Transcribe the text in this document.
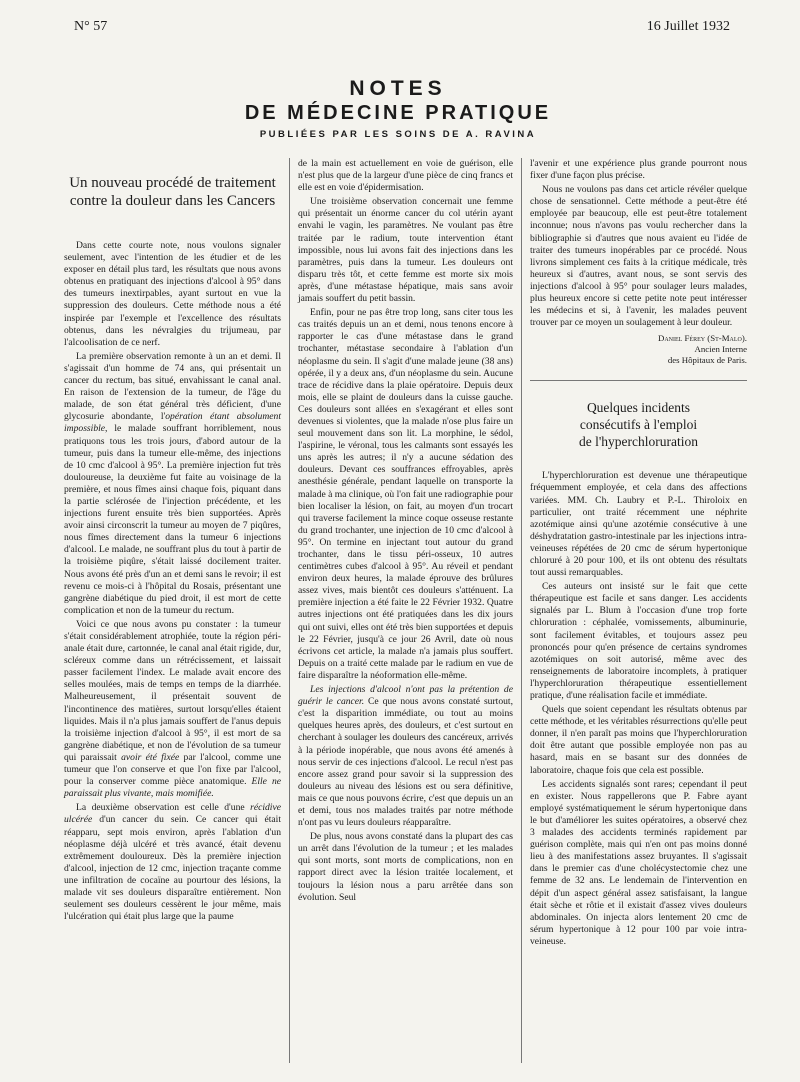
N° 57	16 Juillet 1932
NOTES
DE MÉDECINE PRATIQUE
PUBLIÉES PAR LES SOINS DE A. RAVINA
Un nouveau procédé de traitement
contre la douleur dans les Cancers

Dans cette courte note, nous voulons signaler seulement, avec l'intention de les étudier et de les exposer en détail plus tard, les résultats que nous avons obtenus en pratiquant des injections d'alcool à 95° dans des tumeurs inextirpables, ayant surtout en vue la suppression des douleurs. Cette méthode nous a été inspirée par l'exemple et l'excellence des résultats obtenus, dans les névralgies du trijumeau, par l'alcoolisation de ce nerf.

La première observation remonte à un an et demi. Il s'agissait d'un homme de 74 ans, qui présentait un cancer du rectum, bas situé, envahissant le canal anal. En raison de l'extension de la tumeur, de l'âge du malade, de son état général très déficient, d'une glycosurie abondante, l'opération étant absolument impossible, le malade souffrant horriblement, nous pratiquons tous les trois jours, d'abord autour de la tumeur, puis dans la tumeur elle-même, des injections de 10 cmc d'alcool à 95°. La première injection fut très douloureuse, la deuxième fut faite au voisinage de la première, et nous fîmes ainsi chaque fois, piquant dans la partie sclérosée de l'injection précédente, et les injections furent ensuite très bien supportées. Après avoir ainsi circonscrit la tumeur au moyen de 7 piqûres, nous fîmes directement dans la tumeur 6 injections d'alcool. Le malade, ne souffrant plus du tout à partir de la troisième piqûre, s'était laissé docilement traiter. Nous avons été près d'un an et demi sans le revoir; il est revenu ce mois-ci à l'hôpital du Rosais, présentant une gangrène diabétique du pied droit, il est mort de cette complication et non de la tumeur du rectum.

Voici ce que nous avons pu constater : la tumeur s'était considérablement atrophiée, toute la région péri-anale était dure, cartonnée, le canal anal était rigide, dur, scléreux comme dans un rétrécissement, et laissait passer facilement l'index. Le malade avait encore des selles moulées, mais de temps en temps de la diarrhée. Malheureusement, il présentait souvent de l'incontinence des matières, surtout lorsqu'elles étaient liquides. Mais il n'a plus jamais souffert de l'anus depuis la troisième injection d'alcool à 95°, il est mort de sa gangrène diabétique, et non de l'évolution de sa tumeur qui paraissait avoir été fixée par l'alcool, comme une tumeur que l'on conserve et que l'on fixe par l'alcool, pour la conserver comme pièce anatomique. Elle ne paraissait plus vivante, mais momifiée.

La deuxième observation est celle d'une récidive ulcérée d'un cancer du sein. Ce cancer qui était réapparu, sept mois environ, après l'ablation d'un néoplasme déjà ulcéré et très avancé, était devenu extrêmement douloureux. Dès la première injection d'alcool, injection de 12 cmc, injection traçante comme une infiltration de cocaïne au pourtour des lésions, la malade vit ses douleurs disparaître entièrement. Non seulement ses douleurs cessèrent le jour même, mais l'ulcération qui était plus large que la paume

de la main est actuellement en voie de guérison, elle n'est plus que de la largeur d'une pièce de cinq francs et elle est en voie d'épidermisation.

Une troisième observation concernait une femme qui présentait un énorme cancer du col utérin ayant envahi le vagin, les paramètres. Ne voulant pas être traitée par le radium, toute intervention étant impossible, nous lui avons fait des injections dans les paramètres, puis dans la tumeur. Les douleurs ont disparu très tôt, et cette femme est morte six mois après, d'une métastase hépatique, mais sans avoir jamais souffert du petit bassin.

Enfin, pour ne pas être trop long, sans citer tous les cas traités depuis un an et demi, nous tenons encore à rapporter le cas d'une métastase dans le grand trochanter, métastase secondaire à l'ablation d'un néoplasme du sein. Il s'agit d'une malade jeune (38 ans) opérée, il y a deux ans, d'un néoplasme du sein. Aucune trace de récidive dans la plaie opératoire. Depuis deux mois, elle se plaint de douleurs dans la cuisse gauche. Ces douleurs sont allées en s'exagérant et elles sont devenues si violentes, que la malade n'ose plus faire un seul mouvement dans son lit. La morphine, le sédol, l'aspirine, le véronal, tous les calmants sont essayés les uns après les autres; il n'y a aucune sédation des douleurs. Devant ces souffrances effroyables, après anesthésie générale, pendant laquelle on transporte la malade à ma clinique, où l'on fait une radiographie pour bien localiser la lésion, on fait, au moyen d'un trocart qui traverse facilement la mince coque osseuse restante du grand trochanter, une injection de 10 cmc d'alcool à 95°. On termine en injectant tout autour du grand trochanter, dans le tissu péri-osseux, 10 autres centimètres cubes d'alcool à 95°. Au réveil et pendant environ deux heures, la malade éprouve des brûlures assez vives, mais bientôt ces douleurs s'atténuent. La première injection a été faite le 22 Février 1932. Quatre autres injections ont été pratiquées dans les dix jours qui ont suivi, elles ont été très bien supportées et depuis le 22 Février, jusqu'à ce jour 26 Avril, date où nous écrivons cet article, la malade n'a jamais plus souffert. Depuis on a traité cette malade par le radium en vue de faire disparaître la néoformation elle-même.

Les injections d'alcool n'ont pas la prétention de guérir le cancer. Ce que nous avons constaté surtout, c'est la disparition immédiate, ou tout au moins quelques heures après, des douleurs, et c'est surtout en cherchant à soulager les douleurs des cancéreux, arrivés à la période inopérable, que nous avons été amenés à nous servir de ces injections d'alcool. Le recul n'est pas encore assez grand pour savoir si la suppression des douleurs au niveau des lésions est ou sera définitive, mais ce que nous pouvons écrire, c'est que depuis un an et demi, tous nos malades traités par notre méthode n'ont pas vu leurs douleurs réapparaître.

De plus, nous avons constaté dans la plupart des cas un arrêt dans l'évolution de la tumeur ; et les malades qui sont morts, sont morts de complications, non en rapport direct avec la lésion traitée localement, et toujours la lésion nous a paru arrêtée dans son évolution. Seul

l'avenir et une expérience plus grande pourront nous fixer d'une façon plus précise.

Nous ne voulons pas dans cet article révéler quelque chose de sensationnel. Cette méthode a peut-être été employée par beaucoup, elle est peut-être totalement inconnue; nous n'avons pas voulu rechercher dans la bibliographie si d'autres que nous avaient eu l'idée de traiter des tumeurs inopérables par ce procédé. Nous livrons simplement ces faits à la critique médicale, très heureux si d'autres, avant nous, se sont servis des injections d'alcool à 95° pour soulager leurs malades, plus heureux encore si cette petite note peut intéresser les médecins et si, à l'avenir, les malades peuvent trouver par ce moyen un soulagement à leur douleur.

Daniel Férey (St-Malo).
Ancien Interne
des Hôpitaux de Paris.
Quelques incidents
consécutifs à l'emploi
de l'hyperchloruration

L'hyperchloruration est devenue une thérapeutique fréquemment employée, et cela dans des affections variées. MM. Ch. Laubry et P.-L. Thiroloix en particulier, ont traité récemment une néphrite azotémique ainsi qu'une azotémie consécutive à une déshydratation gastro-intestinale par les injections intra-veineuses répétées de 20 cmc de sérum hypertonique chloruré à 20 pour 100, et ils ont obtenu des résultats tout aussi remarquables.

Ces auteurs ont insisté sur le fait que cette thérapeutique est facile et sans danger. Les accidents signalés par L. Blum à l'occasion d'une trop forte chloruration : céphalée, vomissements, albuminurie, sont facilement évitables, et toujours assez peu prononcés pour qu'en présence de certains syndromes azotémiques on soit autorisé, même avec des renseignements de laboratoire incomplets, à pratiquer l'hyperchloruration thérapeutique essentiellement pratique, d'une réalisation facile et immédiate.

Quels que soient cependant les résultats obtenus par cette méthode, et les véritables résurrections qu'elle peut donner, il n'en paraît pas moins que l'hyperchloruration doit être autant que possible employée non pas au hasard, mais en se basant sur des données de laboratoire, chaque fois que cela est possible.

Les accidents signalés sont rares; cependant il peut en exister. Nous rappellerons que P. Fabre ayant employé systématiquement le sérum hypertonique dans le but d'améliorer les suites opératoires, a observé chez 3 malades des accidents terminés rapidement par guérison complète, mais qui n'en ont pas moins donné lieu à des manifestations assez bruyantes. Il s'agissait dans le premier cas d'une cholécystectomie chez une femme de 32 ans. Le lendemain de l'intervention en dépit d'un aspect général assez satisfaisant, la langue était sèche et rôtie et il existait d'assez vives douleurs abdominales. On injecta alors lentement 20 cmc de sérum hypertonique à 12 pour 100 par voie intra-veineuse.
